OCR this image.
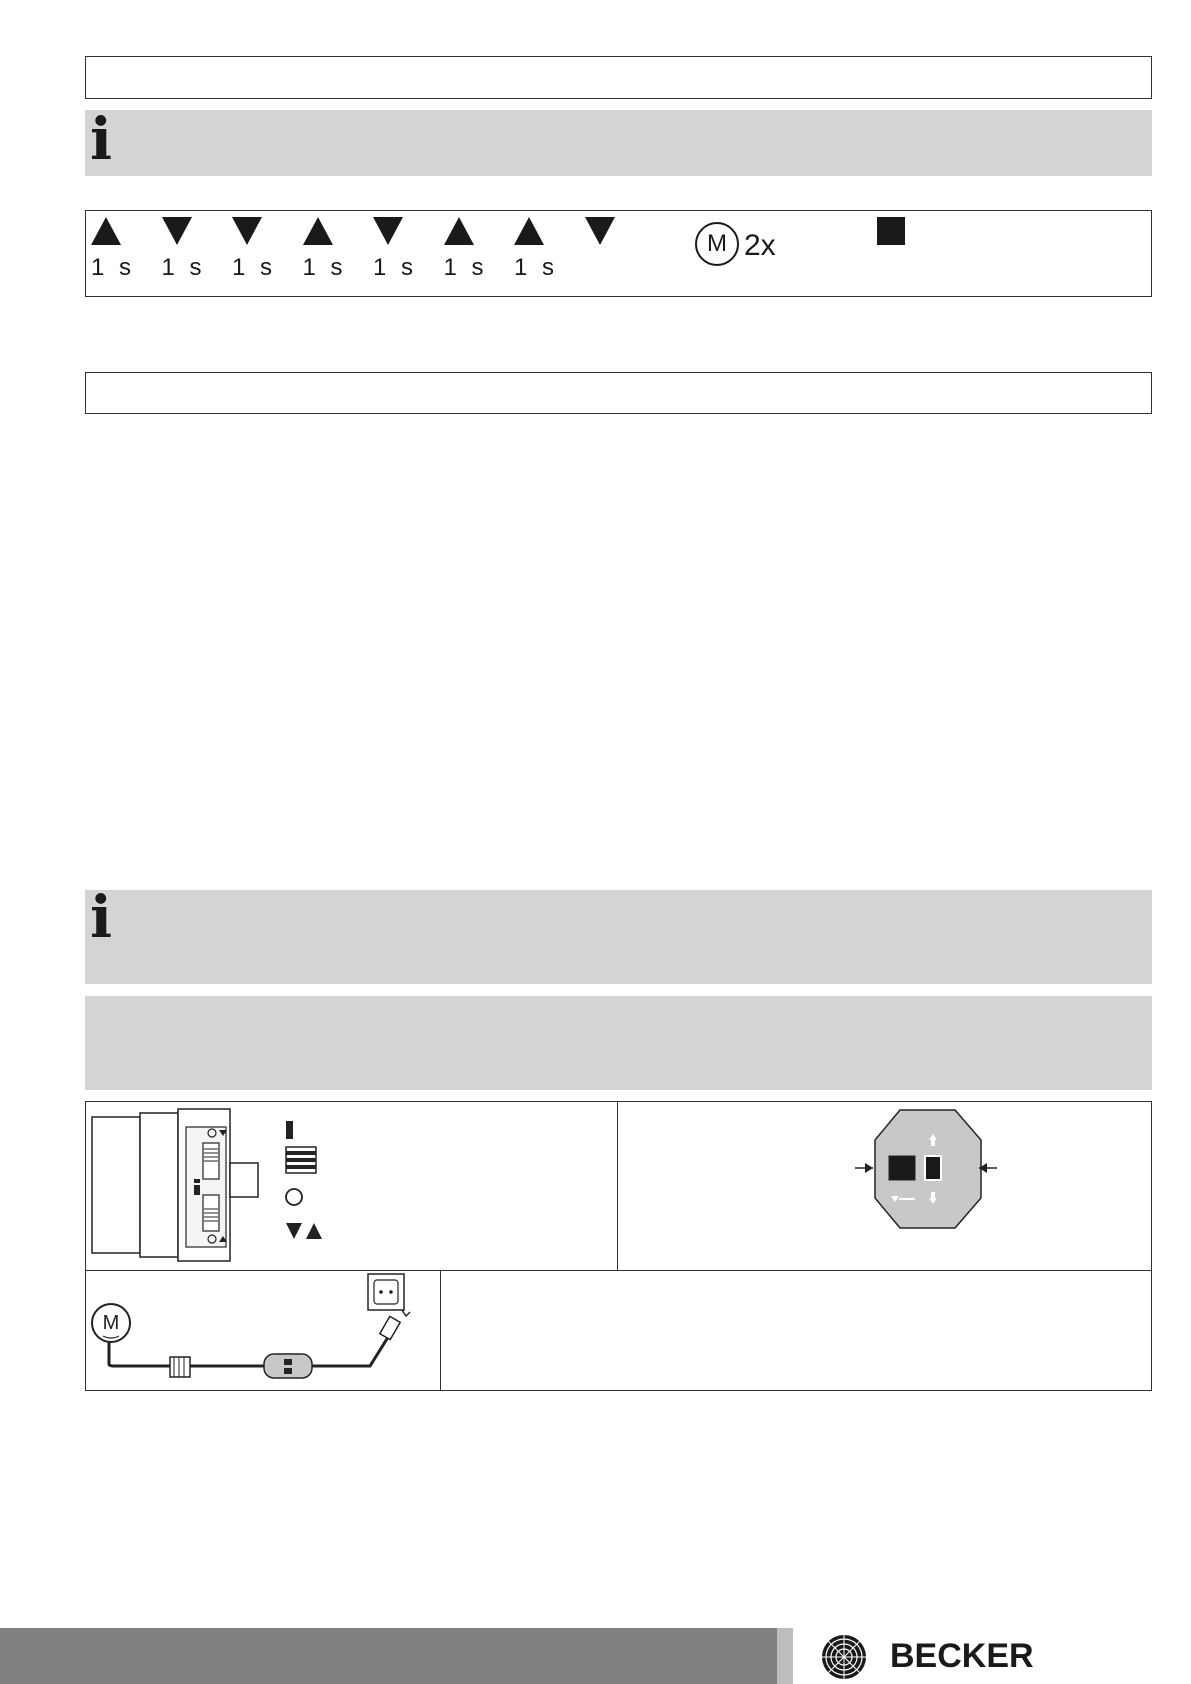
i
1 s 1 s 1 s 1 s 1 s 1 s 1 s
M 2x
i
M
BECKER
